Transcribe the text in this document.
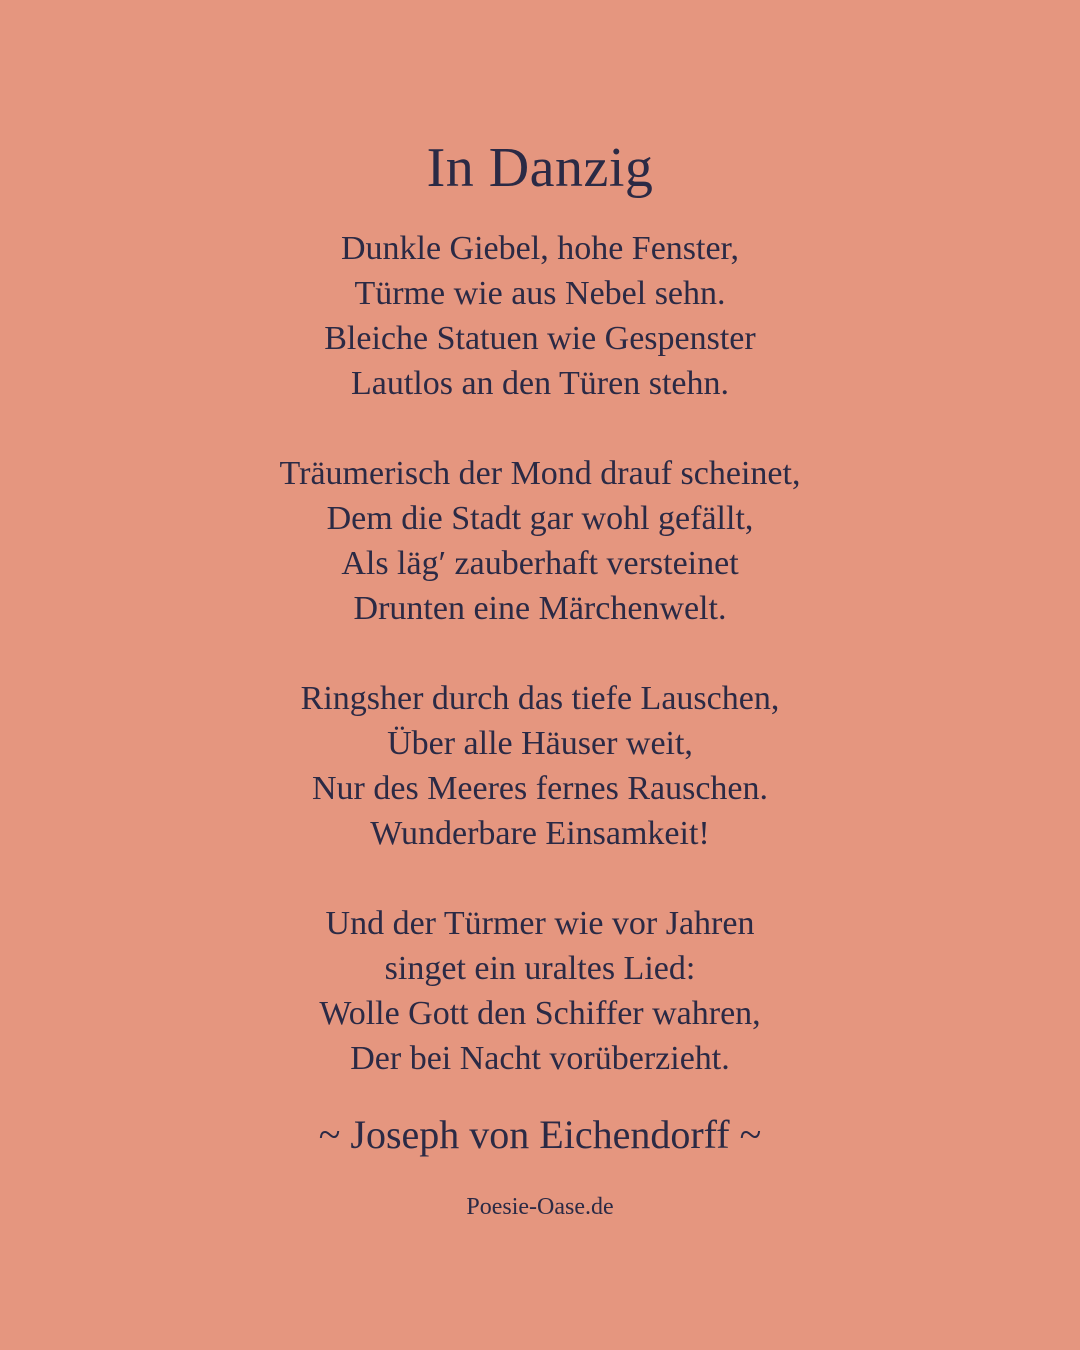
In Danzig
Dunkle Giebel, hohe Fenster,
Türme wie aus Nebel sehn.
Bleiche Statuen wie Gespenster
Lautlos an den Türen stehn.
Träumerisch der Mond drauf scheinet,
Dem die Stadt gar wohl gefällt,
Als läg′ zauberhaft versteinet
Drunten eine Märchenwelt.
Ringsher durch das tiefe Lauschen,
Über alle Häuser weit,
Nur des Meeres fernes Rauschen.
Wunderbare Einsamkeit!
Und der Türmer wie vor Jahren
singet ein uraltes Lied:
Wolle Gott den Schiffer wahren,
Der bei Nacht vorüberzieht.
~ Joseph von Eichendorff ~
Poesie-Oase.de
